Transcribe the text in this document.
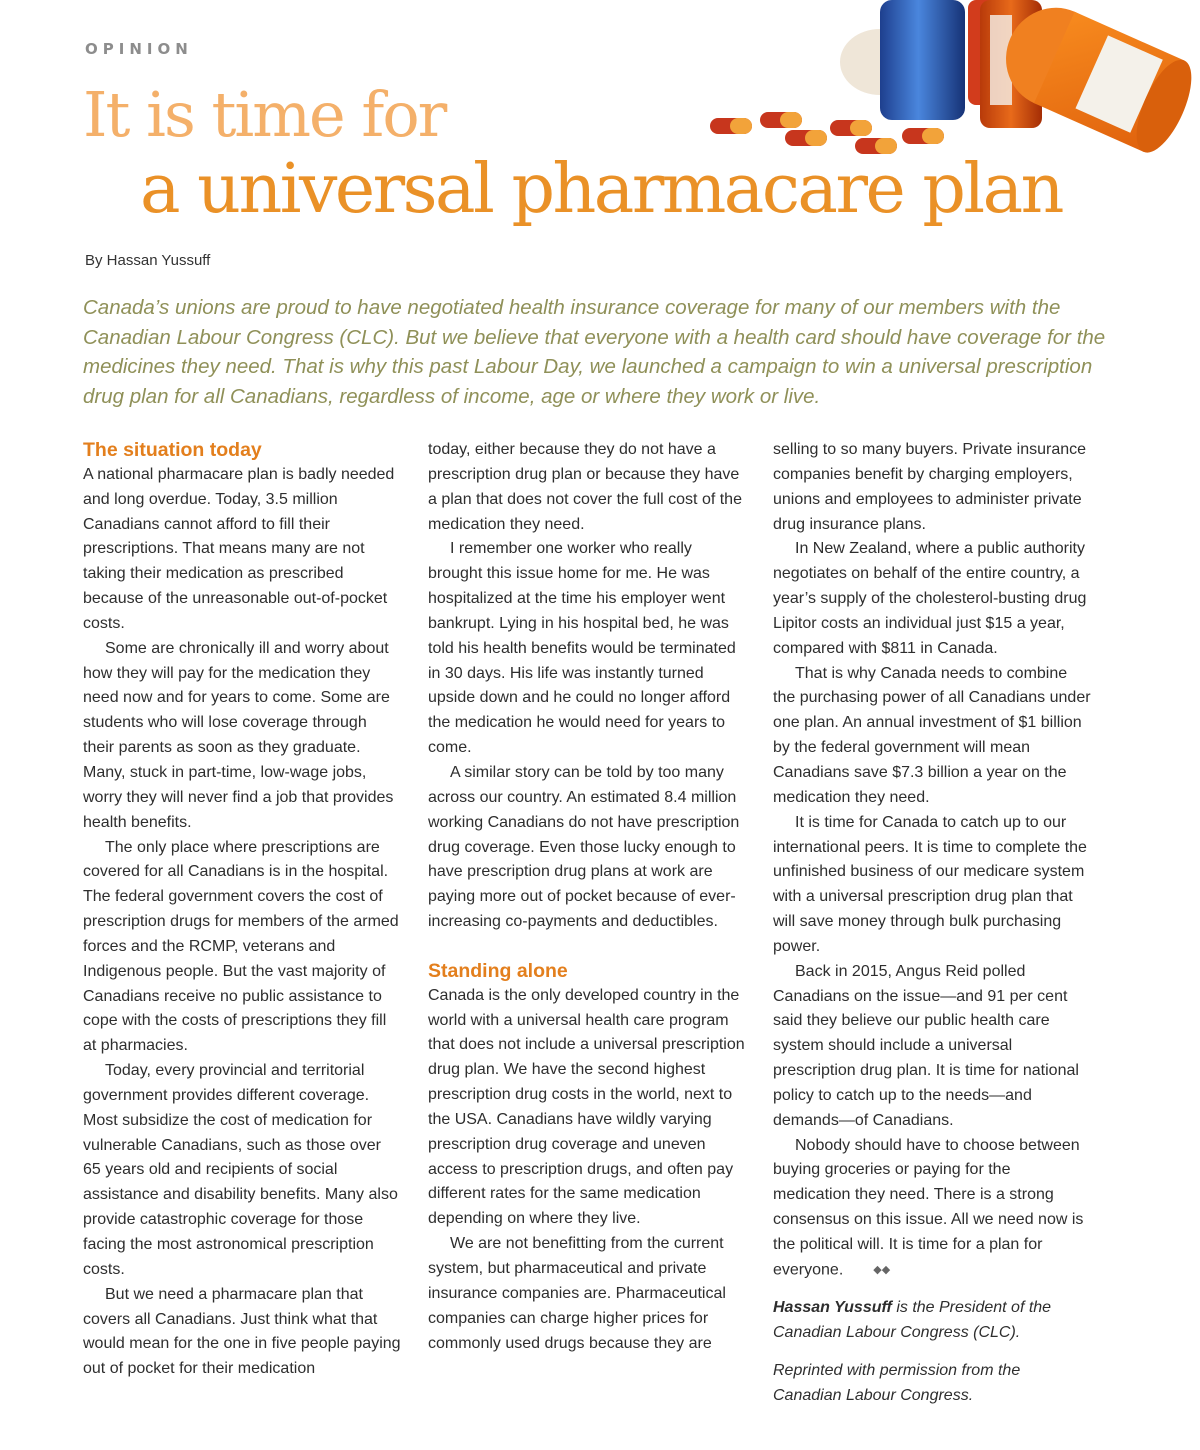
OPINION
It is time for
a universal pharmacare plan
By Hassan Yussuff

Canada’s unions are proud to have negotiated health insurance coverage for many of our members with the Canadian Labour Congress (CLC). But we believe that everyone with a health card should have coverage for the medicines they need. That is why this past Labour Day, we launched a campaign to win a universal prescription drug plan for all Canadians, regardless of income, age or where they work or live.

The situation today

A national pharmacare plan is badly needed and long overdue. Today, 3.5 million Canadians cannot afford to fill their prescriptions. That means many are not taking their medication as prescribed because of the unreasonable out-of-pocket costs.

Some are chronically ill and worry about how they will pay for the medication they need now and for years to come. Some are students who will lose coverage through their parents as soon as they graduate. Many, stuck in part-time, low-wage jobs, worry they will never find a job that provides health benefits.

The only place where prescriptions are covered for all Canadians is in the hospital. The federal government covers the cost of prescription drugs for members of the armed forces and the RCMP, veterans and Indigenous people. But the vast majority of Canadians receive no public assistance to cope with the costs of prescriptions they fill at pharmacies.

Today, every provincial and territorial government provides different coverage. Most subsidize the cost of medication for vulnerable Canadians, such as those over 65 years old and recipients of social assistance and disability benefits. Many also provide catastrophic coverage for those facing the most astronomical prescription costs.

But we need a pharmacare plan that covers all Canadians. Just think what that would mean for the one in five people paying out of pocket for their medication

today, either because they do not have a prescription drug plan or because they have a plan that does not cover the full cost of the medication they need.

I remember one worker who really brought this issue home for me. He was hospitalized at the time his employer went bankrupt. Lying in his hospital bed, he was told his health benefits would be terminated in 30 days. His life was instantly turned upside down and he could no longer afford the medication he would need for years to come.

A similar story can be told by too many across our country. An estimated 8.4 million working Canadians do not have prescription drug coverage. Even those lucky enough to have prescription drug plans at work are paying more out of pocket because of ever-increasing co-payments and deductibles.

Standing alone

Canada is the only developed country in the world with a universal health care program that does not include a universal prescription drug plan. We have the second highest prescription drug costs in the world, next to the USA. Canadians have wildly varying prescription drug coverage and uneven access to prescription drugs, and often pay different rates for the same medication depending on where they live.

We are not benefitting from the current system, but pharmaceutical and private insurance companies are. Pharmaceutical companies can charge higher prices for commonly used drugs because they are

selling to so many buyers. Private insurance companies benefit by charging employers, unions and employees to administer private drug insurance plans.

In New Zealand, where a public authority negotiates on behalf of the entire country, a year’s supply of the cholesterol-busting drug Lipitor costs an individual just $15 a year, compared with $811 in Canada.

That is why Canada needs to combine the purchasing power of all Canadians under one plan. An annual investment of $1 billion by the federal government will mean Canadians save $7.3 billion a year on the medication they need.

It is time for Canada to catch up to our international peers. It is time to complete the unfinished business of our medicare system with a universal prescription drug plan that will save money through bulk purchasing power.

Back in 2015, Angus Reid polled Canadians on the issue—and 91 per cent said they believe our public health care system should include a universal prescription drug plan. It is time for national policy to catch up to the needs—and demands—of Canadians.

Nobody should have to choose between buying groceries or paying for the medication they need. There is a strong consensus on this issue. All we need now is the political will. It is time for a plan for everyone.	◆◆

Hassan Yussuff is the President of the Canadian Labour Congress (CLC).

Reprinted with permission from the Canadian Labour Congress.
